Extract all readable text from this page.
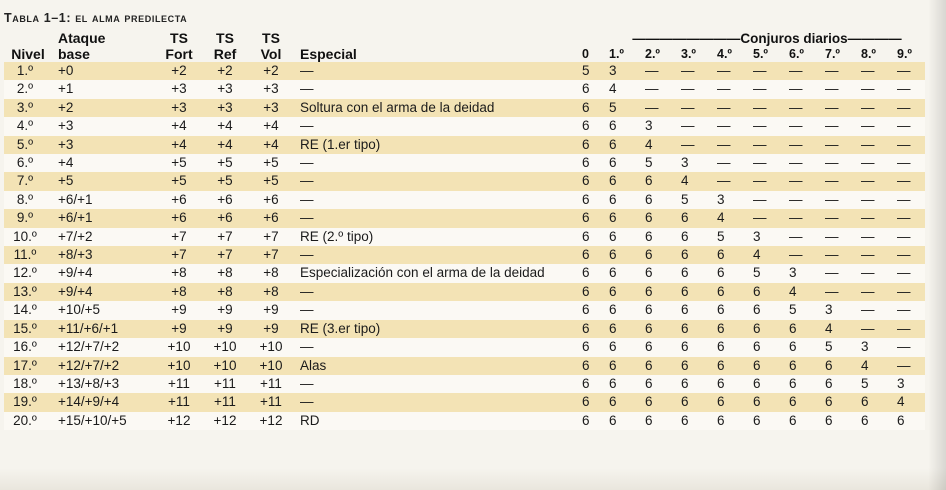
Tabla 1–1: el alma predilecta
	Ataque	TS	TS	TS			————————Conjuros diarios————								
Nivel	base	Fort	Ref	Vol	Especial	0	1.º	2.º	3.º	4.º	5.º	6.º	7.º	8.º	9.º
1.º	+0	+2	+2	+2	—	5	3	—	—	—	—	—	—	—	—
2.º	+1	+3	+3	+3	—	6	4	—	—	—	—	—	—	—	—
3.º	+2	+3	+3	+3	Soltura con el arma de la deidad	6	5	—	—	—	—	—	—	—	—
4.º	+3	+4	+4	+4	—	6	6	3	—	—	—	—	—	—	—
5.º	+3	+4	+4	+4	RE (1.er tipo)	6	6	4	—	—	—	—	—	—	—
6.º	+4	+5	+5	+5	—	6	6	5	3	—	—	—	—	—	—
7.º	+5	+5	+5	+5	—	6	6	6	4	—	—	—	—	—	—
8.º	+6/+1	+6	+6	+6	—	6	6	6	5	3	—	—	—	—	—
9.º	+6/+1	+6	+6	+6	—	6	6	6	6	4	—	—	—	—	—
10.º	+7/+2	+7	+7	+7	RE (2.º tipo)	6	6	6	6	5	3	—	—	—	—
11.º	+8/+3	+7	+7	+7	—	6	6	6	6	6	4	—	—	—	—
12.º	+9/+4	+8	+8	+8	Especialización con el arma de la deidad	6	6	6	6	6	5	3	—	—	—
13.º	+9/+4	+8	+8	+8	—	6	6	6	6	6	6	4	—	—	—
14.º	+10/+5	+9	+9	+9	—	6	6	6	6	6	6	5	3	—	—
15.º	+11/+6/+1	+9	+9	+9	RE (3.er tipo)	6	6	6	6	6	6	6	4	—	—
16.º	+12/+7/+2	+10	+10	+10	—	6	6	6	6	6	6	6	5	3	—
17.º	+12/+7/+2	+10	+10	+10	Alas	6	6	6	6	6	6	6	6	4	—
18.º	+13/+8/+3	+11	+11	+11	—	6	6	6	6	6	6	6	6	5	3
19.º	+14/+9/+4	+11	+11	+11	—	6	6	6	6	6	6	6	6	6	4
20.º	+15/+10/+5	+12	+12	+12	RD	6	6	6	6	6	6	6	6	6	6
